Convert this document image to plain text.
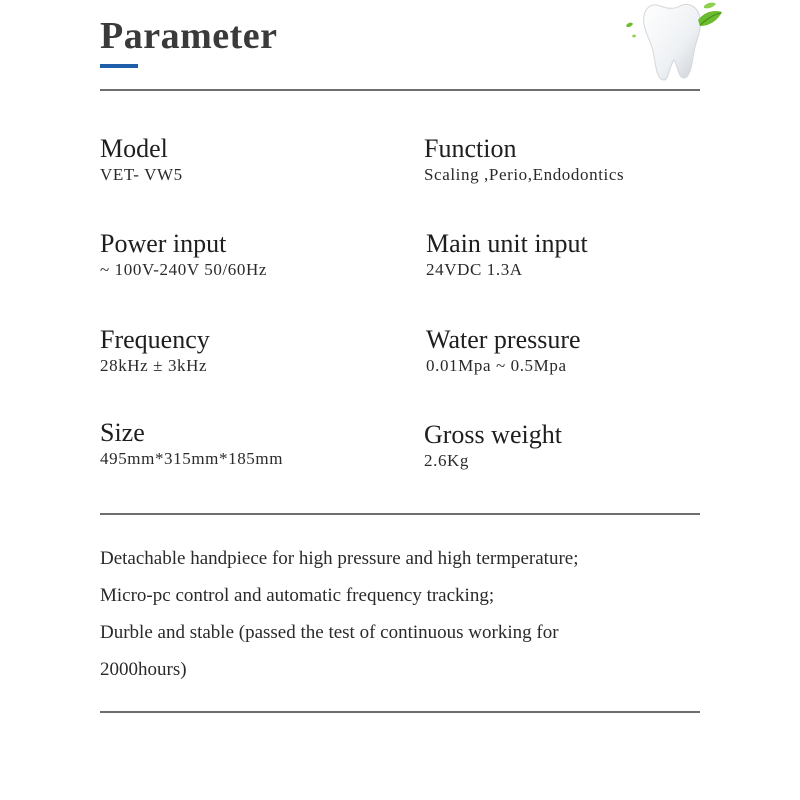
Parameter
Model
VET- VW5
Function
Scaling ,Perio,Endodontics
Power input
~ 100V-240V 50/60Hz
Main unit input
24VDC 1.3A
Frequency
28kHz ± 3kHz
Water pressure
0.01Mpa ~ 0.5Mpa
Size
495mm*315mm*185mm
Gross weight
2.6Kg
Detachable handpiece for high pressure and high termperature;
Micro-pc control and automatic frequency tracking;
Durble and stable (passed the test of continuous working for
2000hours)
